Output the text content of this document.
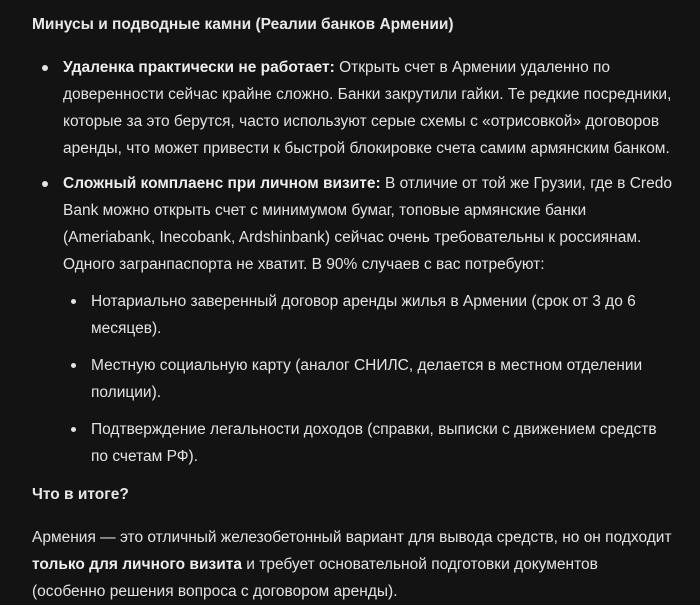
Минусы и подводные камни (Реалии банков Армении)
Удаленка практически не работает: Открыть счет в Армении удаленно по доверенности сейчас крайне сложно. Банки закрутили гайки. Те редкие посредники, которые за это берутся, часто используют серые схемы с «отрисовкой» договоров аренды, что может привести к быстрой блокировке счета самим армянским банком.
Сложный комплаенс при личном визите: В отличие от той же Грузии, где в Credo Bank можно открыть счет с минимумом бумаг, топовые армянские банки (Ameriabank, Inecobank, Ardshinbank) сейчас очень требовательны к россиянам. Одного загранпаспорта не хватит. В 90% случаев с вас потребуют:
Нотариально заверенный договор аренды жилья в Армении (срок от 3 до 6 месяцев).
Местную социальную карту (аналог СНИЛС, делается в местном отделении полиции).
Подтверждение легальности доходов (справки, выписки с движением средств по счетам РФ).
Что в итоге?

Армения — это отличный железобетонный вариант для вывода средств, но он подходит только для личного визита и требует основательной подготовки документов (особенно решения вопроса с договором аренды).
